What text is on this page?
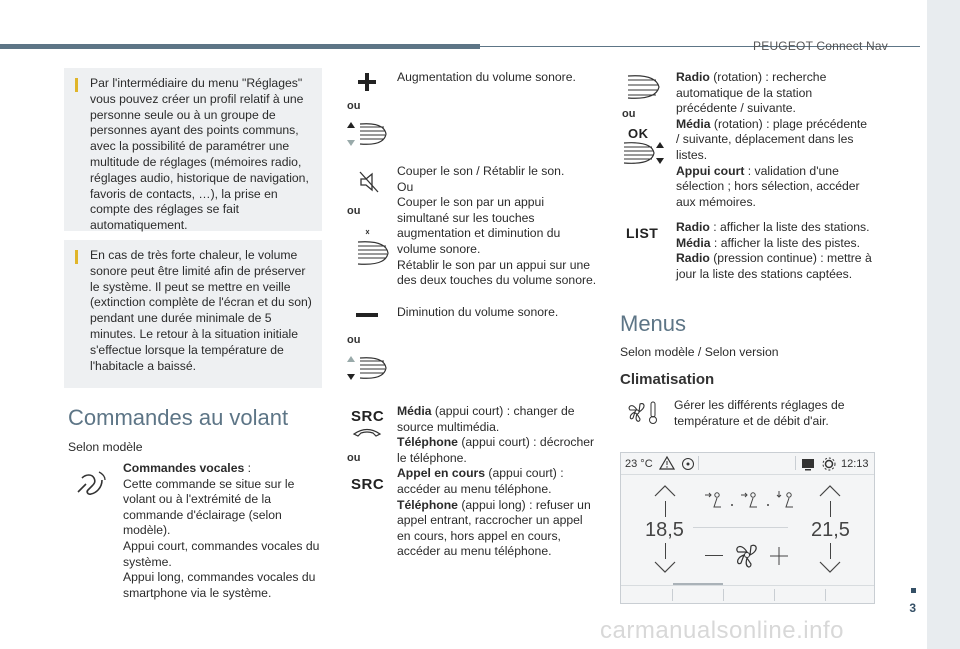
PEUGEOT Connect Nav
3

Par l'intermédiaire du menu "Réglages" vous pouvez créer un profil relatif à une personne seule ou à un groupe de personnes ayant des points communs, avec la possibilité de paramétrer une multitude de réglages (mémoires radio, réglages audio, historique de navigation, favoris de contacts, …), la prise en compte des réglages se fait automatiquement.

En cas de très forte chaleur, le volume sonore peut être limité afin de préserver le système. Il peut se mettre en veille (extinction complète de l'écran et du son) pendant une durée minimale de 5 minutes. Le retour à la situation initiale s'effectue lorsque la température de l'habitacle a baissé.

Commandes au volant
Selon modèle
Commandes vocales :
Cette commande se situe sur le volant ou à l'extrémité de la commande d'éclairage (selon modèle).
Appui court, commandes vocales du système.
Appui long, commandes vocales du smartphone via le système.
ou
Augmentation du volume sonore.
ou
Couper le son / Rétablir le son.
Ou
Couper le son par un appui simultané sur les touches augmentation et diminution du volume sonore.
Rétablir le son par un appui sur une des deux touches du volume sonore.
ou
Diminution du volume sonore.
SRC
ou
SRC
Média (appui court) : changer de source multimédia.
Téléphone (appui court) : décrocher le téléphone.
Appel en cours (appui court) : accéder au menu téléphone.
Téléphone (appui long) : refuser un appel entrant, raccrocher un appel en cours, hors appel en cours, accéder au menu téléphone.
ou
OK
Radio (rotation) : recherche automatique de la station précédente / suivante.
Média (rotation) : plage précédente / suivante, déplacement dans les listes.
Appui court : validation d'une sélection ; hors sélection, accéder aux mémoires.
LIST Radio : afficher la liste des stations.
Média : afficher la liste des pistes.
Radio (pression continue) : mettre à jour la liste des stations captées.
Menus
Selon modèle / Selon version
Climatisation
Gérer les différents réglages de température et de débit d'air.
23 °C	12:13
18,5	21,5
carmanualsonline.info
